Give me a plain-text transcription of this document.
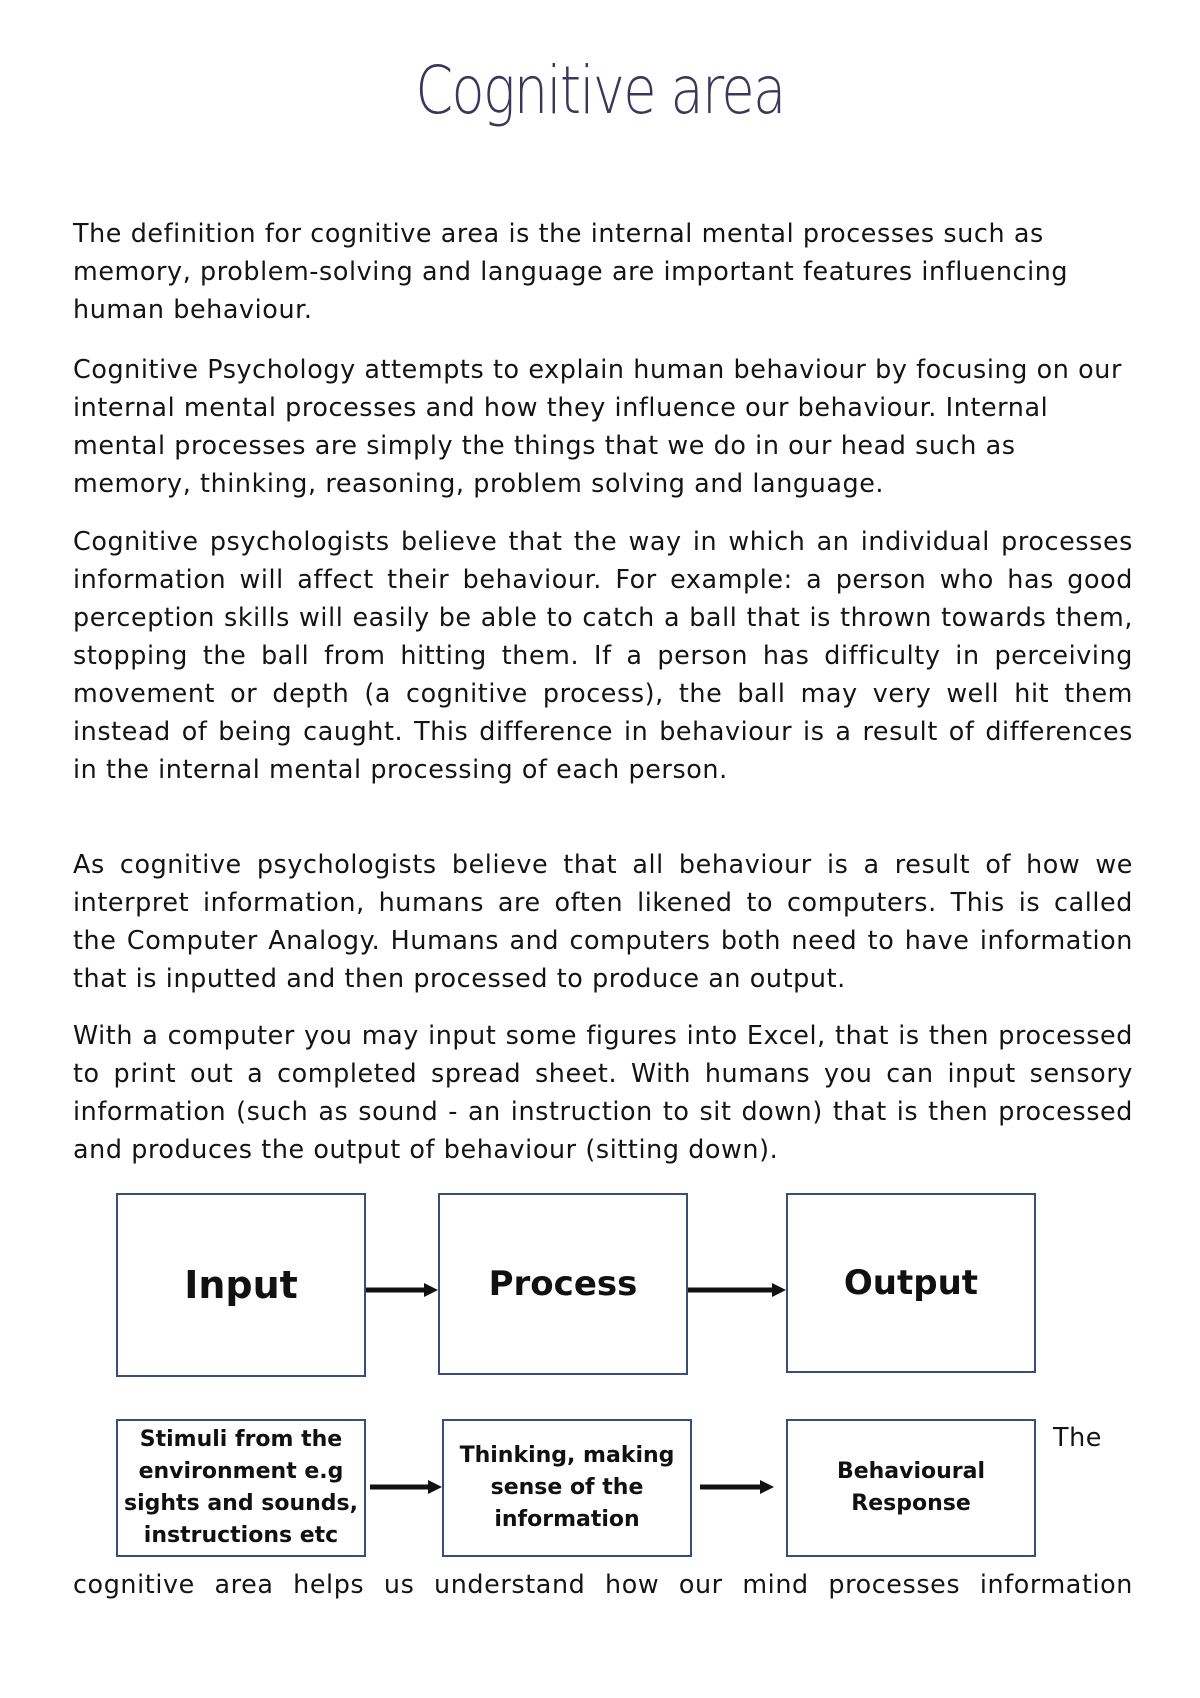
Cognitive area

The definition for cognitive area is the internal mental processes such as memory, problem-solving and language are important features influencing human behaviour.

Cognitive Psychology attempts to explain human behaviour by focusing on our internal mental processes and how they influence our behaviour. Internal mental processes are simply the things that we do in our head such as memory, thinking, reasoning, problem solving and language.

Cognitive psychologists believe that the way in which an individual processes information will affect their behaviour. For example: a person who has good perception skills will easily be able to catch a ball that is thrown towards them, stopping the ball from hitting them. If a person has difficulty in perceiving movement or depth (a cognitive process), the ball may very well hit them instead of being caught. This difference in behaviour is a result of differences in the internal mental processing of each person.

As cognitive psychologists believe that all behaviour is a result of how we interpret information, humans are often likened to computers. This is called the Computer Analogy. Humans and computers both need to have information that is inputted and then processed to produce an output.

With a computer you may input some figures into Excel, that is then processed to print out a completed spread sheet. With humans you can input sensory information (such as sound - an instruction to sit down) that is then processed and produces the output of behaviour (sitting down).

Input	Process	Output
Stimuli from the environment e.g sights and sounds, instructions etc
Thinking, making sense of the information
Behavioural Response
The
cognitive area helps us understand how our mind processes information
